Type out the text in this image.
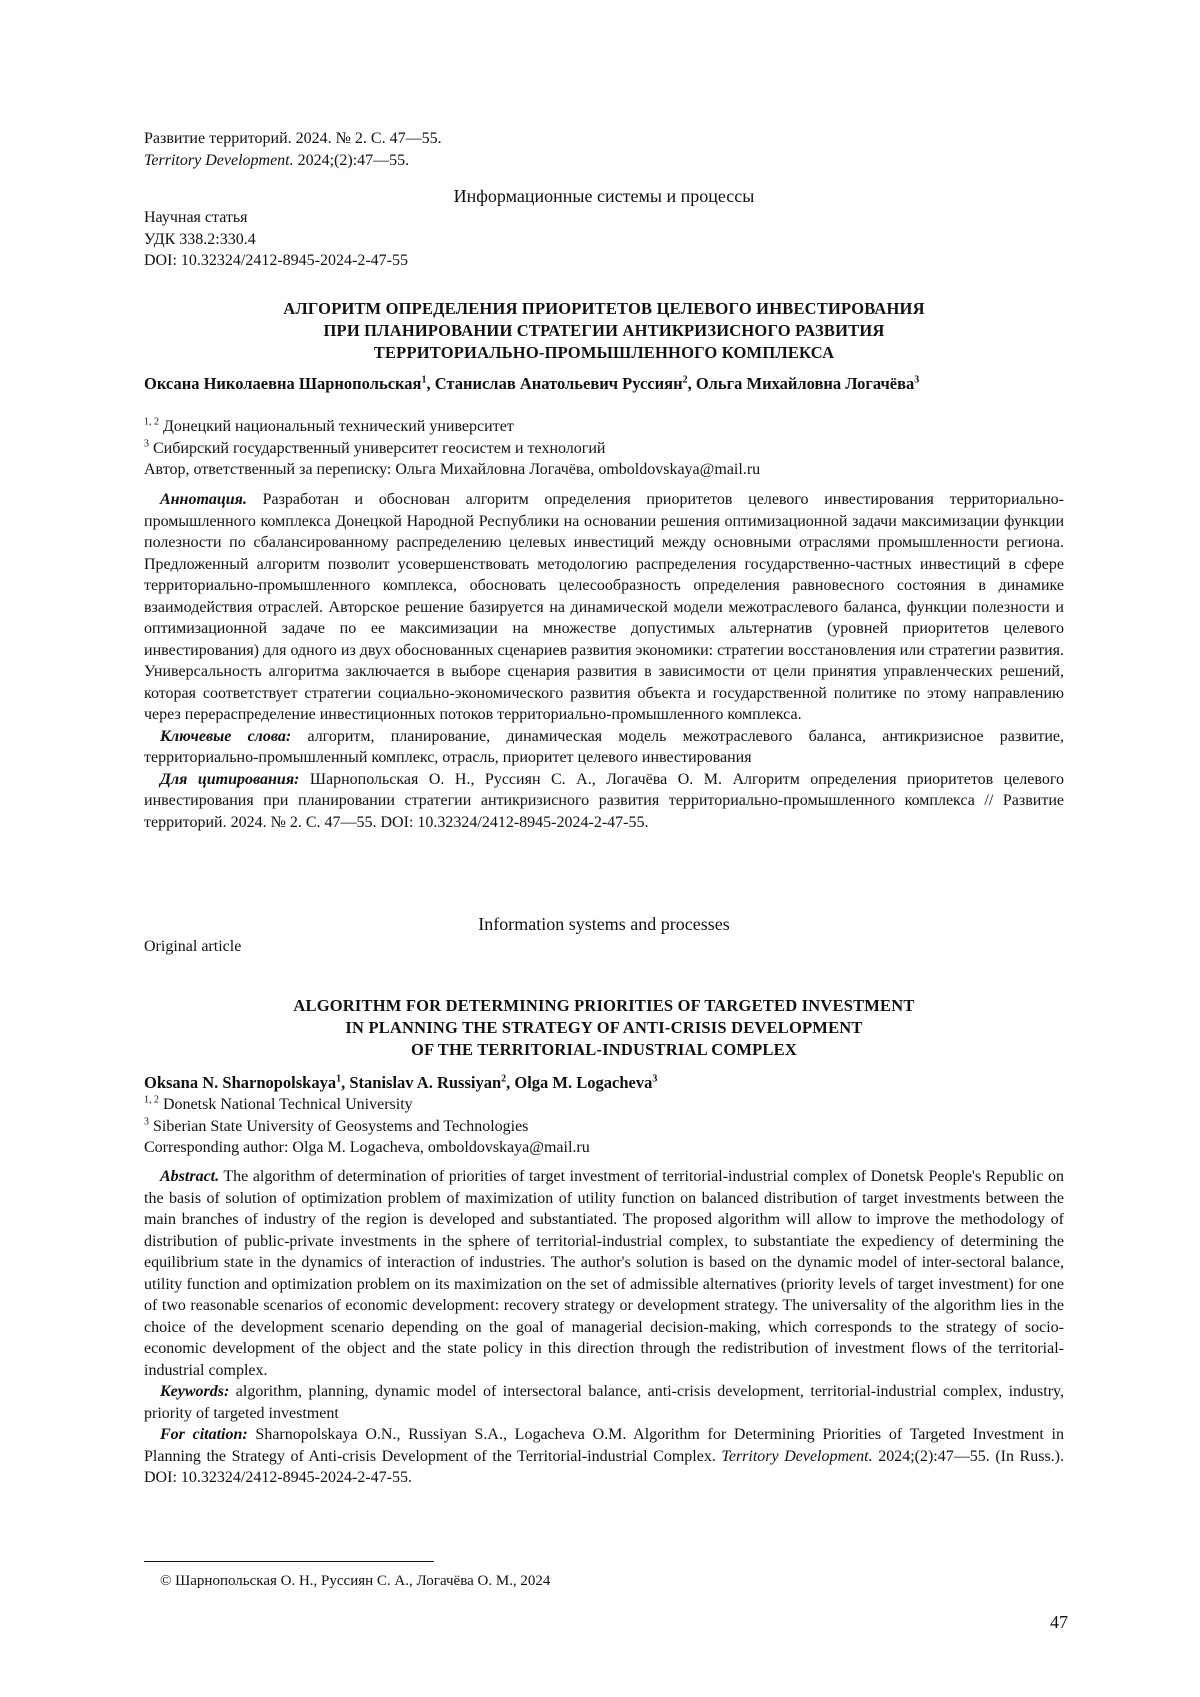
Развитие территорий. 2024. № 2. С. 47—55.
Territory Development. 2024;(2):47—55.
Информационные системы и процессы
Научная статья
УДК 338.2:330.4
DOI: 10.32324/2412-8945-2024-2-47-55
АЛГОРИТМ ОПРЕДЕЛЕНИЯ ПРИОРИТЕТОВ ЦЕЛЕВОГО ИНВЕСТИРОВАНИЯ
ПРИ ПЛАНИРОВАНИИ СТРАТЕГИИ АНТИКРИЗИСНОГО РАЗВИТИЯ
ТЕРРИТОРИАЛЬНО-ПРОМЫШЛЕННОГО КОМПЛЕКСА
Оксана Николаевна Шарнопольская$^1$, Станислав Анатольевич Руссиян$^2$, Ольга Михайловна Логачёва$^3$
$^{1, 2}$ Донецкий национальный технический университет
$^3$ Сибирский государственный университет геосистем и технологий
Автор, ответственный за переписку: Ольга Михайловна Логачёва, omboldovskaya@mail.ru
Аннотация. Разработан и обоснован алгоритм определения приоритетов целевого инвестирования территориально-промышленного комплекса Донецкой Народной Республики на основании решения оптимизационной задачи максимизации функции полезности по сбалансированному распределению целевых инвестиций между основными отраслями промышленности региона. Предложенный алгоритм позволит усовершенствовать методологию распределения государственно-частных инвестиций в сфере территориально-промышленного комплекса, обосновать целесообразность определения равновесного состояния в динамике взаимодействия отраслей. Авторское решение базируется на динамической модели межотраслевого баланса, функции полезности и оптимизационной задаче по ее максимизации на множестве допустимых альтернатив (уровней приоритетов целевого инвестирования) для одного из двух обоснованных сценариев развития экономики: стратегии восстановления или стратегии развития. Универсальность алгоритма заключается в выборе сценария развития в зависимости от цели принятия управленческих решений, которая соответствует стратегии социально-экономического развития объекта и государственной политике по этому направлению через перераспределение инвестиционных потоков территориально-промышленного комплекса.
Ключевые слова: алгоритм, планирование, динамическая модель межотраслевого баланса, антикризисное развитие, территориально-промышленный комплекс, отрасль, приоритет целевого инвестирования
Для цитирования: Шарнопольская О. Н., Руссиян С. А., Логачёва О. М. Алгоритм определения приоритетов целевого инвестирования при планировании стратегии антикризисного развития территориально-промышленного комплекса // Развитие территорий. 2024. № 2. С. 47—55. DOI: 10.32324/2412-8945-2024-2-47-55.
Information systems and processes
Original article
ALGORITHM FOR DETERMINING PRIORITIES OF TARGETED INVESTMENT
IN PLANNING THE STRATEGY OF ANTI-CRISIS DEVELOPMENT
OF THE TERRITORIAL-INDUSTRIAL COMPLEX
Oksana N. Sharnopolskaya$^1$, Stanislav A. Russiyan$^2$, Olga M. Logacheva$^3$
$^{1, 2}$ Donetsk National Technical University
$^3$ Siberian State University of Geosystems and Technologies
Corresponding author: Olga M. Logacheva, omboldovskaya@mail.ru
Abstract. The algorithm of determination of priorities of target investment of territorial-industrial complex of Donetsk People's Republic on the basis of solution of optimization problem of maximization of utility function on balanced distribution of target investments between the main branches of industry of the region is developed and substantiated. The proposed algorithm will allow to improve the methodology of distribution of public-private investments in the sphere of territorial-industrial complex, to substantiate the expediency of determining the equilibrium state in the dynamics of interaction of industries. The author's solution is based on the dynamic model of inter-sectoral balance, utility function and optimization problem on its maximization on the set of admissible alternatives (priority levels of target investment) for one of two reasonable scenarios of economic development: recovery strategy or development strategy. The universality of the algorithm lies in the choice of the development scenario depending on the goal of managerial decision-making, which corresponds to the strategy of socio-economic development of the object and the state policy in this direction through the redistribution of investment flows of the territorial-industrial complex.
Keywords: algorithm, planning, dynamic model of intersectoral balance, anti-crisis development, territorial-industrial complex, industry, priority of targeted investment
For citation: Sharnopolskaya O.N., Russiyan S.A., Logacheva O.M. Algorithm for Determining Priorities of Targeted Investment in Planning the Strategy of Anti-crisis Development of the Territorial-industrial Complex. Territory Development. 2024;(2):47—55. (In Russ.). DOI: 10.32324/2412-8945-2024-2-47-55.
© Шарнопольская О. Н., Руссиян С. А., Логачёва О. М., 2024
47
